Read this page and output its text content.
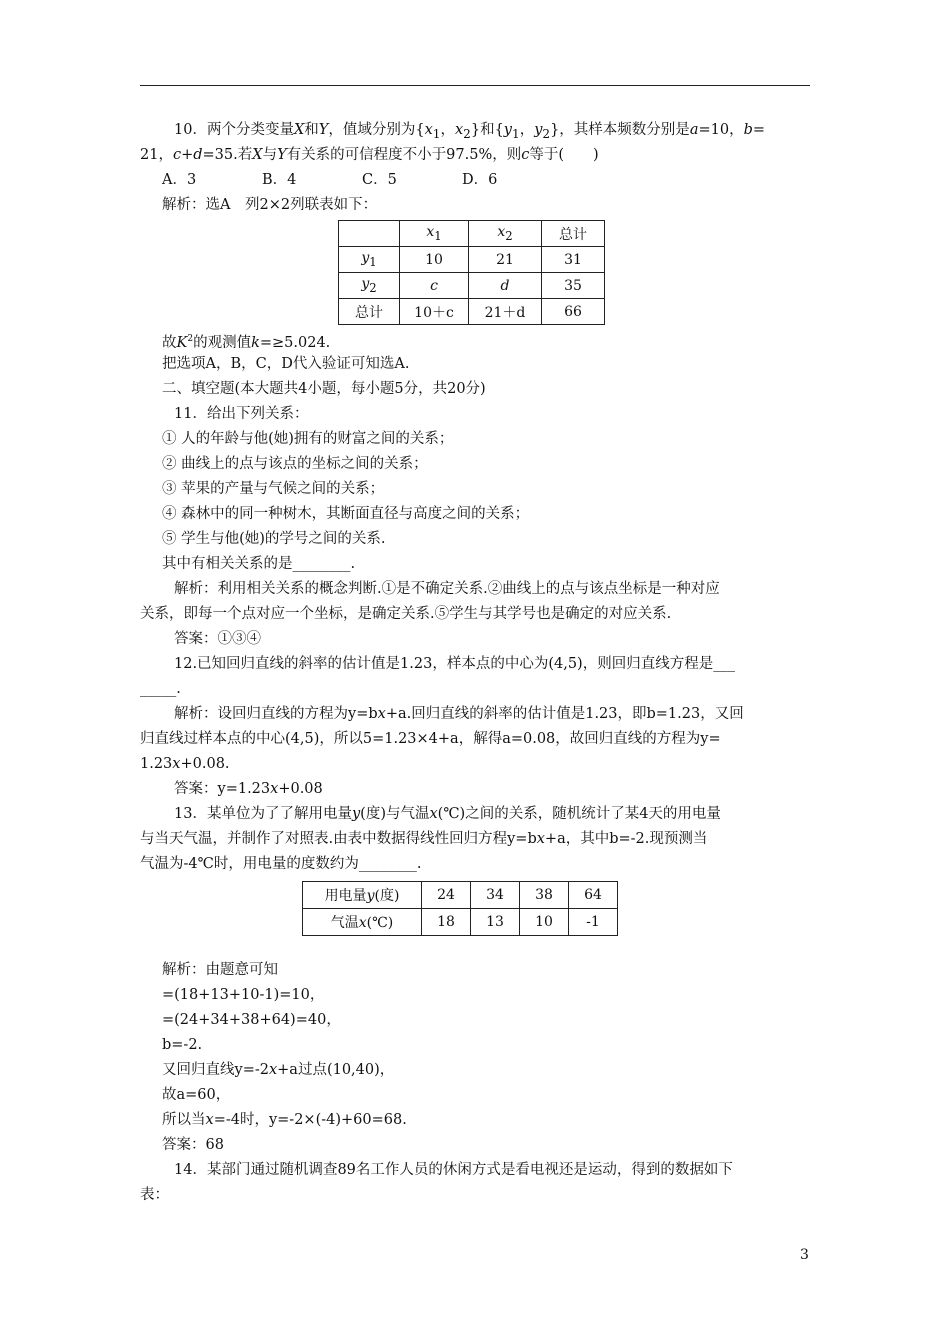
10．两个分类变量X和Y，值域分别为{$x_1$，$x_2$}和{$y_1$，$y_2$}，其样本频数分别是a=10，b=
21，c+d=35.若X与Y有关系的可信程度不小于97.5%，则c等于(　　)
A．3	B．4	C．5	D．6
解析：选A　列2×2列联表如下：
	$x_1$	$x_2$	总计
$y_1$	10	21	31
$y_2$	c	d	35
总计	10＋c	21＋d	66
故$K^2$的观测值k=≥5.024.
把选项A，B，C，D代入验证可知选A.
二、填空题(本大题共4小题，每小题5分，共20分)
11．给出下列关系：
① 人的年龄与他(她)拥有的财富之间的关系；
② 曲线上的点与该点的坐标之间的关系；
③ 苹果的产量与气候之间的关系；
④ 森林中的同一种树木，其断面直径与高度之间的关系；
⑤ 学生与他(她)的学号之间的关系.
其中有相关关系的是________.
解析：利用相关关系的概念判断.①是不确定关系.②曲线上的点与该点坐标是一种对应
关系，即每一个点对应一个坐标，是确定关系.⑤学生与其学号也是确定的对应关系.
答案：①③④
12.已知回归直线的斜率的估计值是1.23，样本点的中心为(4,5)，则回归直线方程是___
_____.
解析：设回归直线的方程为y=bx+a.回归直线的斜率的估计值是1.23，即b=1.23，又回
归直线过样本点的中心(4,5)，所以5=1.23×4+a，解得a=0.08，故回归直线的方程为y=
1.23x+0.08.
答案：y=1.23x+0.08
13．某单位为了了解用电量y(度)与气温x(℃)之间的关系，随机统计了某4天的用电量
与当天气温，并制作了对照表.由表中数据得线性回归方程y=bx+a，其中b=-2.现预测当
气温为-4℃时，用电量的度数约为________.
用电量y(度)	24	34	38	64
气温x(℃)	18	13	10	-1
解析：由题意可知
=(18+13+10-1)=10，
=(24+34+38+64)=40，
b=-2.
又回归直线y=-2x+a过点(10,40)，
故a=60，
所以当x=-4时，y=-2×(-4)+60=68.
答案：68
14．某部门通过随机调查89名工作人员的休闲方式是看电视还是运动，得到的数据如下
表：
3
